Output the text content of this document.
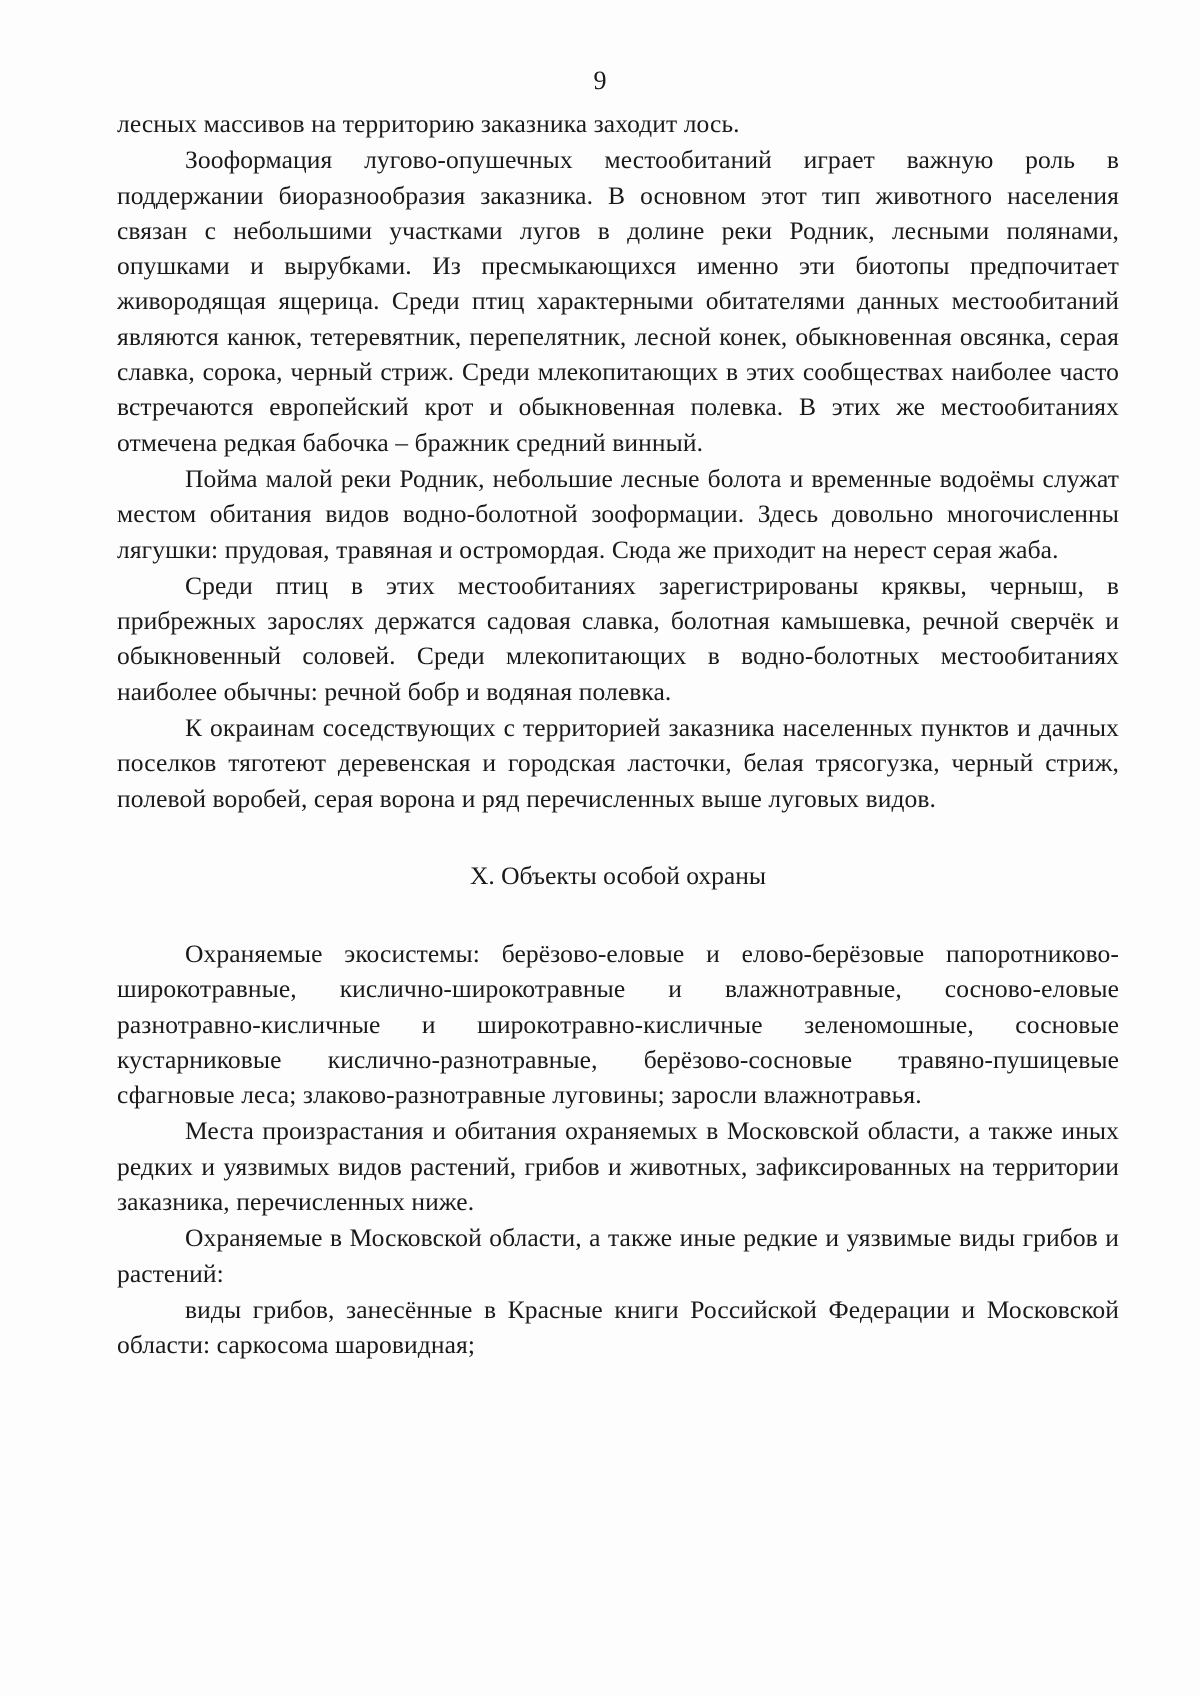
9

лесных массивов на территорию заказника заходит лось.

Зооформация лугово-опушечных местообитаний играет важную роль в поддержании биоразнообразия заказника. В основном этот тип животного населения связан с небольшими участками лугов в долине реки Родник, лесными полянами, опушками и вырубками. Из пресмыкающихся именно эти биотопы предпочитает живородящая ящерица. Среди птиц характерными обитателями данных местообитаний являются канюк, тетеревятник, перепелятник, лесной конек, обыкновенная овсянка, серая славка, сорока, черный стриж. Среди млекопитающих в этих сообществах наиболее часто встречаются европейский крот и обыкновенная полевка. В этих же местообитаниях отмечена редкая бабочка – бражник средний винный.

Пойма малой реки Родник, небольшие лесные болота и временные водоёмы служат местом обитания видов водно-болотной зооформации. Здесь довольно многочисленны лягушки: прудовая, травяная и остромордая. Сюда же приходит на нерест серая жаба.

Среди птиц в этих местообитаниях зарегистрированы кряквы, черныш, в прибрежных зарослях держатся садовая славка, болотная камышевка, речной сверчёк и обыкновенный соловей. Среди млекопитающих в водно-болотных местообитаниях наиболее обычны: речной бобр и водяная полевка.

К окраинам соседствующих с территорией заказника населенных пунктов и дачных поселков тяготеют деревенская и городская ласточки, белая трясогузка, черный стриж, полевой воробей, серая ворона и ряд перечисленных выше луговых видов.

X. Объекты особой охраны

Охраняемые экосистемы: берёзово-еловые и елово-берёзовые папоротниково-широкотравные, кислично-широкотравные и влажнотравные, сосново-еловые разнотравно-кисличные и широкотравно-кисличные зеленомошные, сосновые кустарниковые кислично-разнотравные, берёзово-сосновые травяно-пушицевые сфагновые леса; злаково-разнотравные луговины; заросли влажнотравья.

Места произрастания и обитания охраняемых в Московской области, а также иных редких и уязвимых видов растений, грибов и животных, зафиксированных на территории заказника, перечисленных ниже.

Охраняемые в Московской области, а также иные редкие и уязвимые виды грибов и растений:

виды грибов, занесённые в Красные книги Российской Федерации и Московской области: саркосома шаровидная;
